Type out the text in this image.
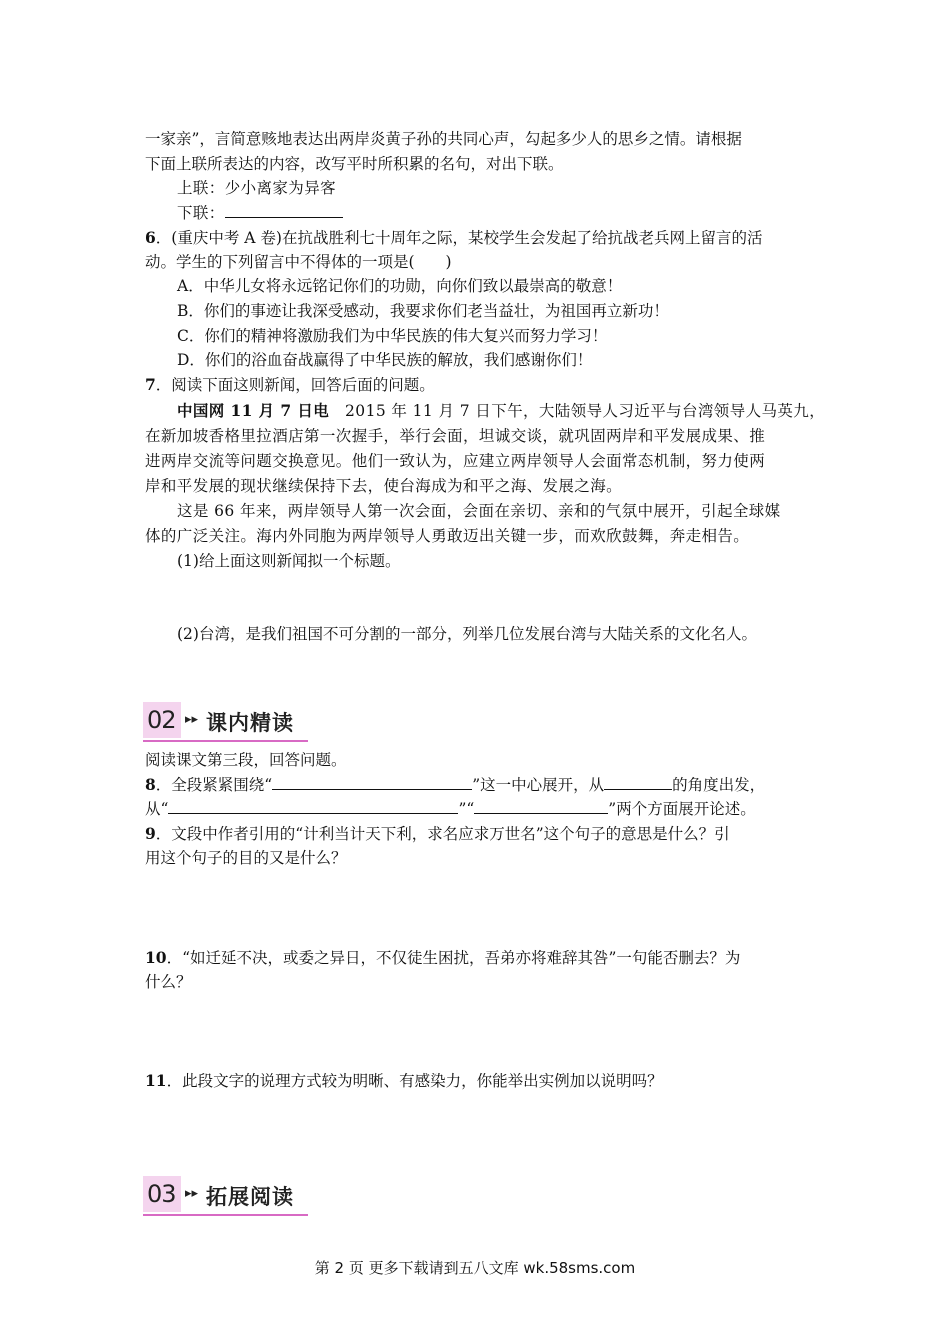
一家亲”，言简意赅地表达出两岸炎黄子孙的共同心声，勾起多少人的思乡之情。请根据
下面上联所表达的内容，改写平时所积累的名句，对出下联。
上联：少小离家为异客
下联：
6．(重庆中考 A 卷)在抗战胜利七十周年之际，某校学生会发起了给抗战老兵网上留言的活
动。学生的下列留言中不得体的一项是(　　)
A．中华儿女将永远铭记你们的功勋，向你们致以最崇高的敬意！
B．你们的事迹让我深受感动，我要求你们老当益壮，为祖国再立新功！
C．你们的精神将激励我们为中华民族的伟大复兴而努力学习！
D．你们的浴血奋战赢得了中华民族的解放，我们感谢你们！
7．阅读下面这则新闻，回答后面的问题。
中国网 11 月 7 日电　2015 年 11 月 7 日下午，大陆领导人习近平与台湾领导人马英九，
在新加坡香格里拉酒店第一次握手，举行会面，坦诚交谈，就巩固两岸和平发展成果、推
进两岸交流等问题交换意见。他们一致认为，应建立两岸领导人会面常态机制，努力使两
岸和平发展的现状继续保持下去，使台海成为和平之海、发展之海。
这是 66 年来，两岸领导人第一次会面，会面在亲切、亲和的气氛中展开，引起全球媒
体的广泛关注。海内外同胞为两岸领导人勇敢迈出关键一步，而欢欣鼓舞，奔走相告。
(1)给上面这则新闻拟一个标题。
(2)台湾，是我们祖国不可分割的一部分，列举几位发展台湾与大陆关系的文化名人。
02 ▸▸ 课内精读
阅读课文第三段，回答问题。
8．全段紧紧围绕“	”这一中心展开，从	的角度出发，
从“	”“	”两个方面展开论述。
9．文段中作者引用的“计利当计天下利，求名应求万世名”这个句子的意思是什么？引
用这个句子的目的又是什么？
10．“如迁延不决，或委之异日，不仅徒生困扰，吾弟亦将难辞其咎”一句能否删去？为
什么？
11．此段文字的说理方式较为明晰、有感染力，你能举出实例加以说明吗？
03 ▸▸ 拓展阅读
第 2 页 更多下载请到五八文库 wk.58sms.com
